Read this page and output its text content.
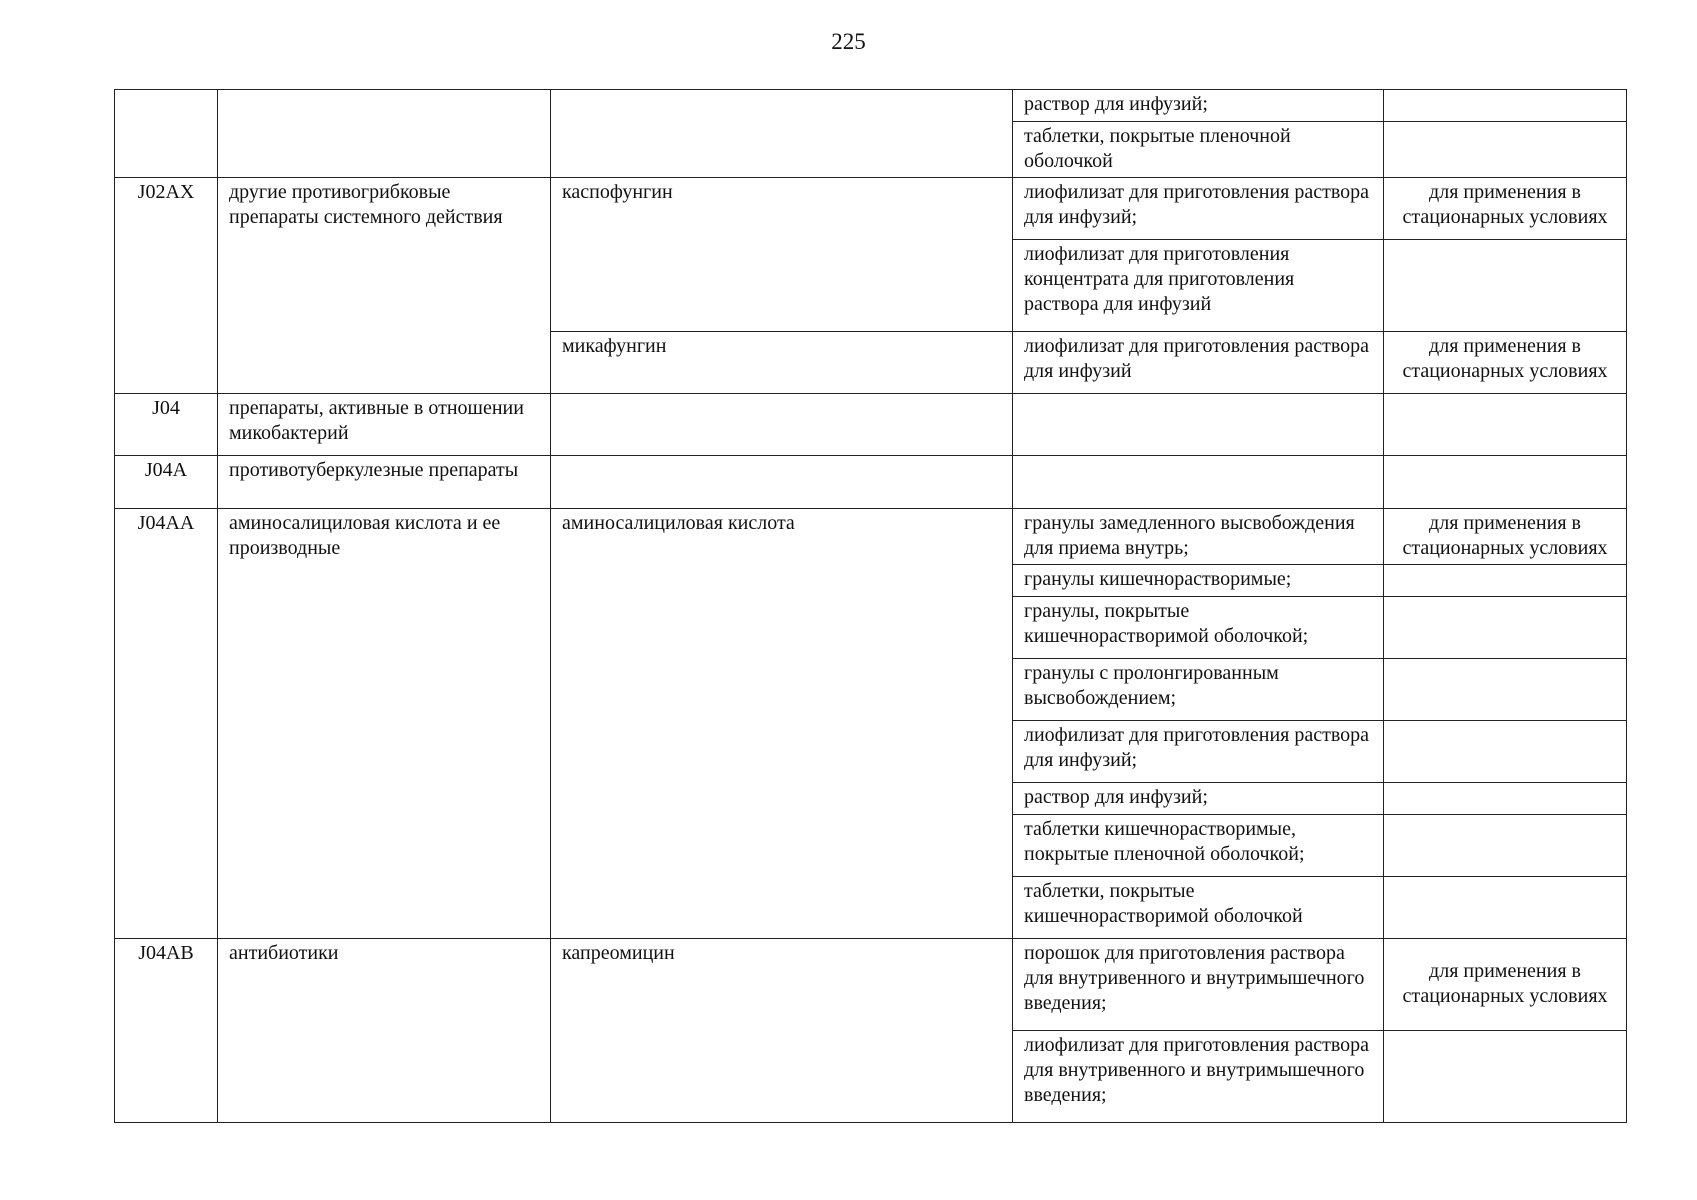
225
			раствор для инфузий;	
			таблетки, покрытые пленочной оболочкой	
J02AX	другие противогрибковые препараты системного действия	каспофунгин	лиофилизат для приготовления раствора для инфузий;	для применения в стационарных условиях
			лиофилизат для приготовления концентрата для приготовления раствора для инфузий	
		микафунгин	лиофилизат для приготовления раствора для инфузий	для применения в стационарных условиях
J04	препараты, активные в отношении микобактерий			
J04A	противотуберкулезные препараты			
J04AA	аминосалициловая кислота и ее производные	аминосалициловая кислота	гранулы замедленного высвобождения для приема внутрь;	для применения в стационарных условиях
			гранулы кишечнорастворимые;	
			гранулы, покрытые кишечнорастворимой оболочкой;	
			гранулы с пролонгированным высвобождением;	
			лиофилизат для приготовления раствора для инфузий;	
			раствор для инфузий;	
			таблетки кишечнорастворимые, покрытые пленочной оболочкой;	
			таблетки, покрытые кишечнорастворимой оболочкой	
J04AB	антибиотики	капреомицин	порошок для приготовления раствора для внутривенного и внутримышечного введения;	для применения в стационарных условиях
			лиофилизат для приготовления раствора для внутривенного и внутримышечного введения;	
